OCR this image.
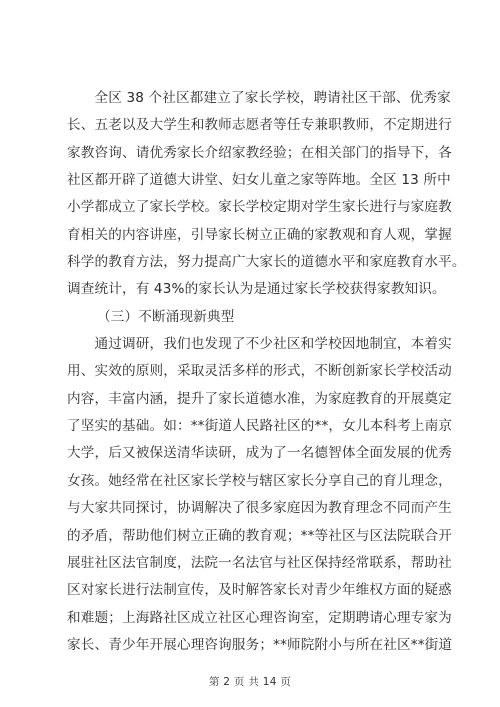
　　全区 38 个社区都建立了家长学校，聘请社区干部、优秀家
长、五老以及大学生和教师志愿者等任专兼职教师，不定期进行
家教咨询、请优秀家长介绍家教经验；在相关部门的指导下，各
社区都开辟了道德大讲堂、妇女儿童之家等阵地。全区 13 所中
小学都成立了家长学校。家长学校定期对学生家长进行与家庭教
育相关的内容讲座，引导家长树立正确的家教观和育人观，掌握
科学的教育方法，努力提高广大家长的道德水平和家庭教育水平。
调查统计，有 43%的家长认为是通过家长学校获得家教知识。
（三）不断涌现新典型
　　通过调研，我们也发现了不少社区和学校因地制宜，本着实
用、实效的原则，采取灵活多样的形式，不断创新家长学校活动
内容，丰富内涵，提升了家长道德水准，为家庭教育的开展奠定
了坚实的基础。如：**街道人民路社区的**，女儿本科考上南京
大学，后又被保送清华读研，成为了一名德智体全面发展的优秀
女孩。她经常在社区家长学校与辖区家长分享自己的育儿理念，
与大家共同探讨，协调解决了很多家庭因为教育理念不同而产生
的矛盾，帮助他们树立正确的教育观；**等社区与区法院联合开
展驻社区法官制度，法院一名法官与社区保持经常联系，帮助社
区对家长进行法制宣传，及时解答家长对青少年维权方面的疑惑
和难题；上海路社区成立社区心理咨询室，定期聘请心理专家为
家长、青少年开展心理咨询服务；**师院附小与所在社区**街道
第 2 页 共 14 页
